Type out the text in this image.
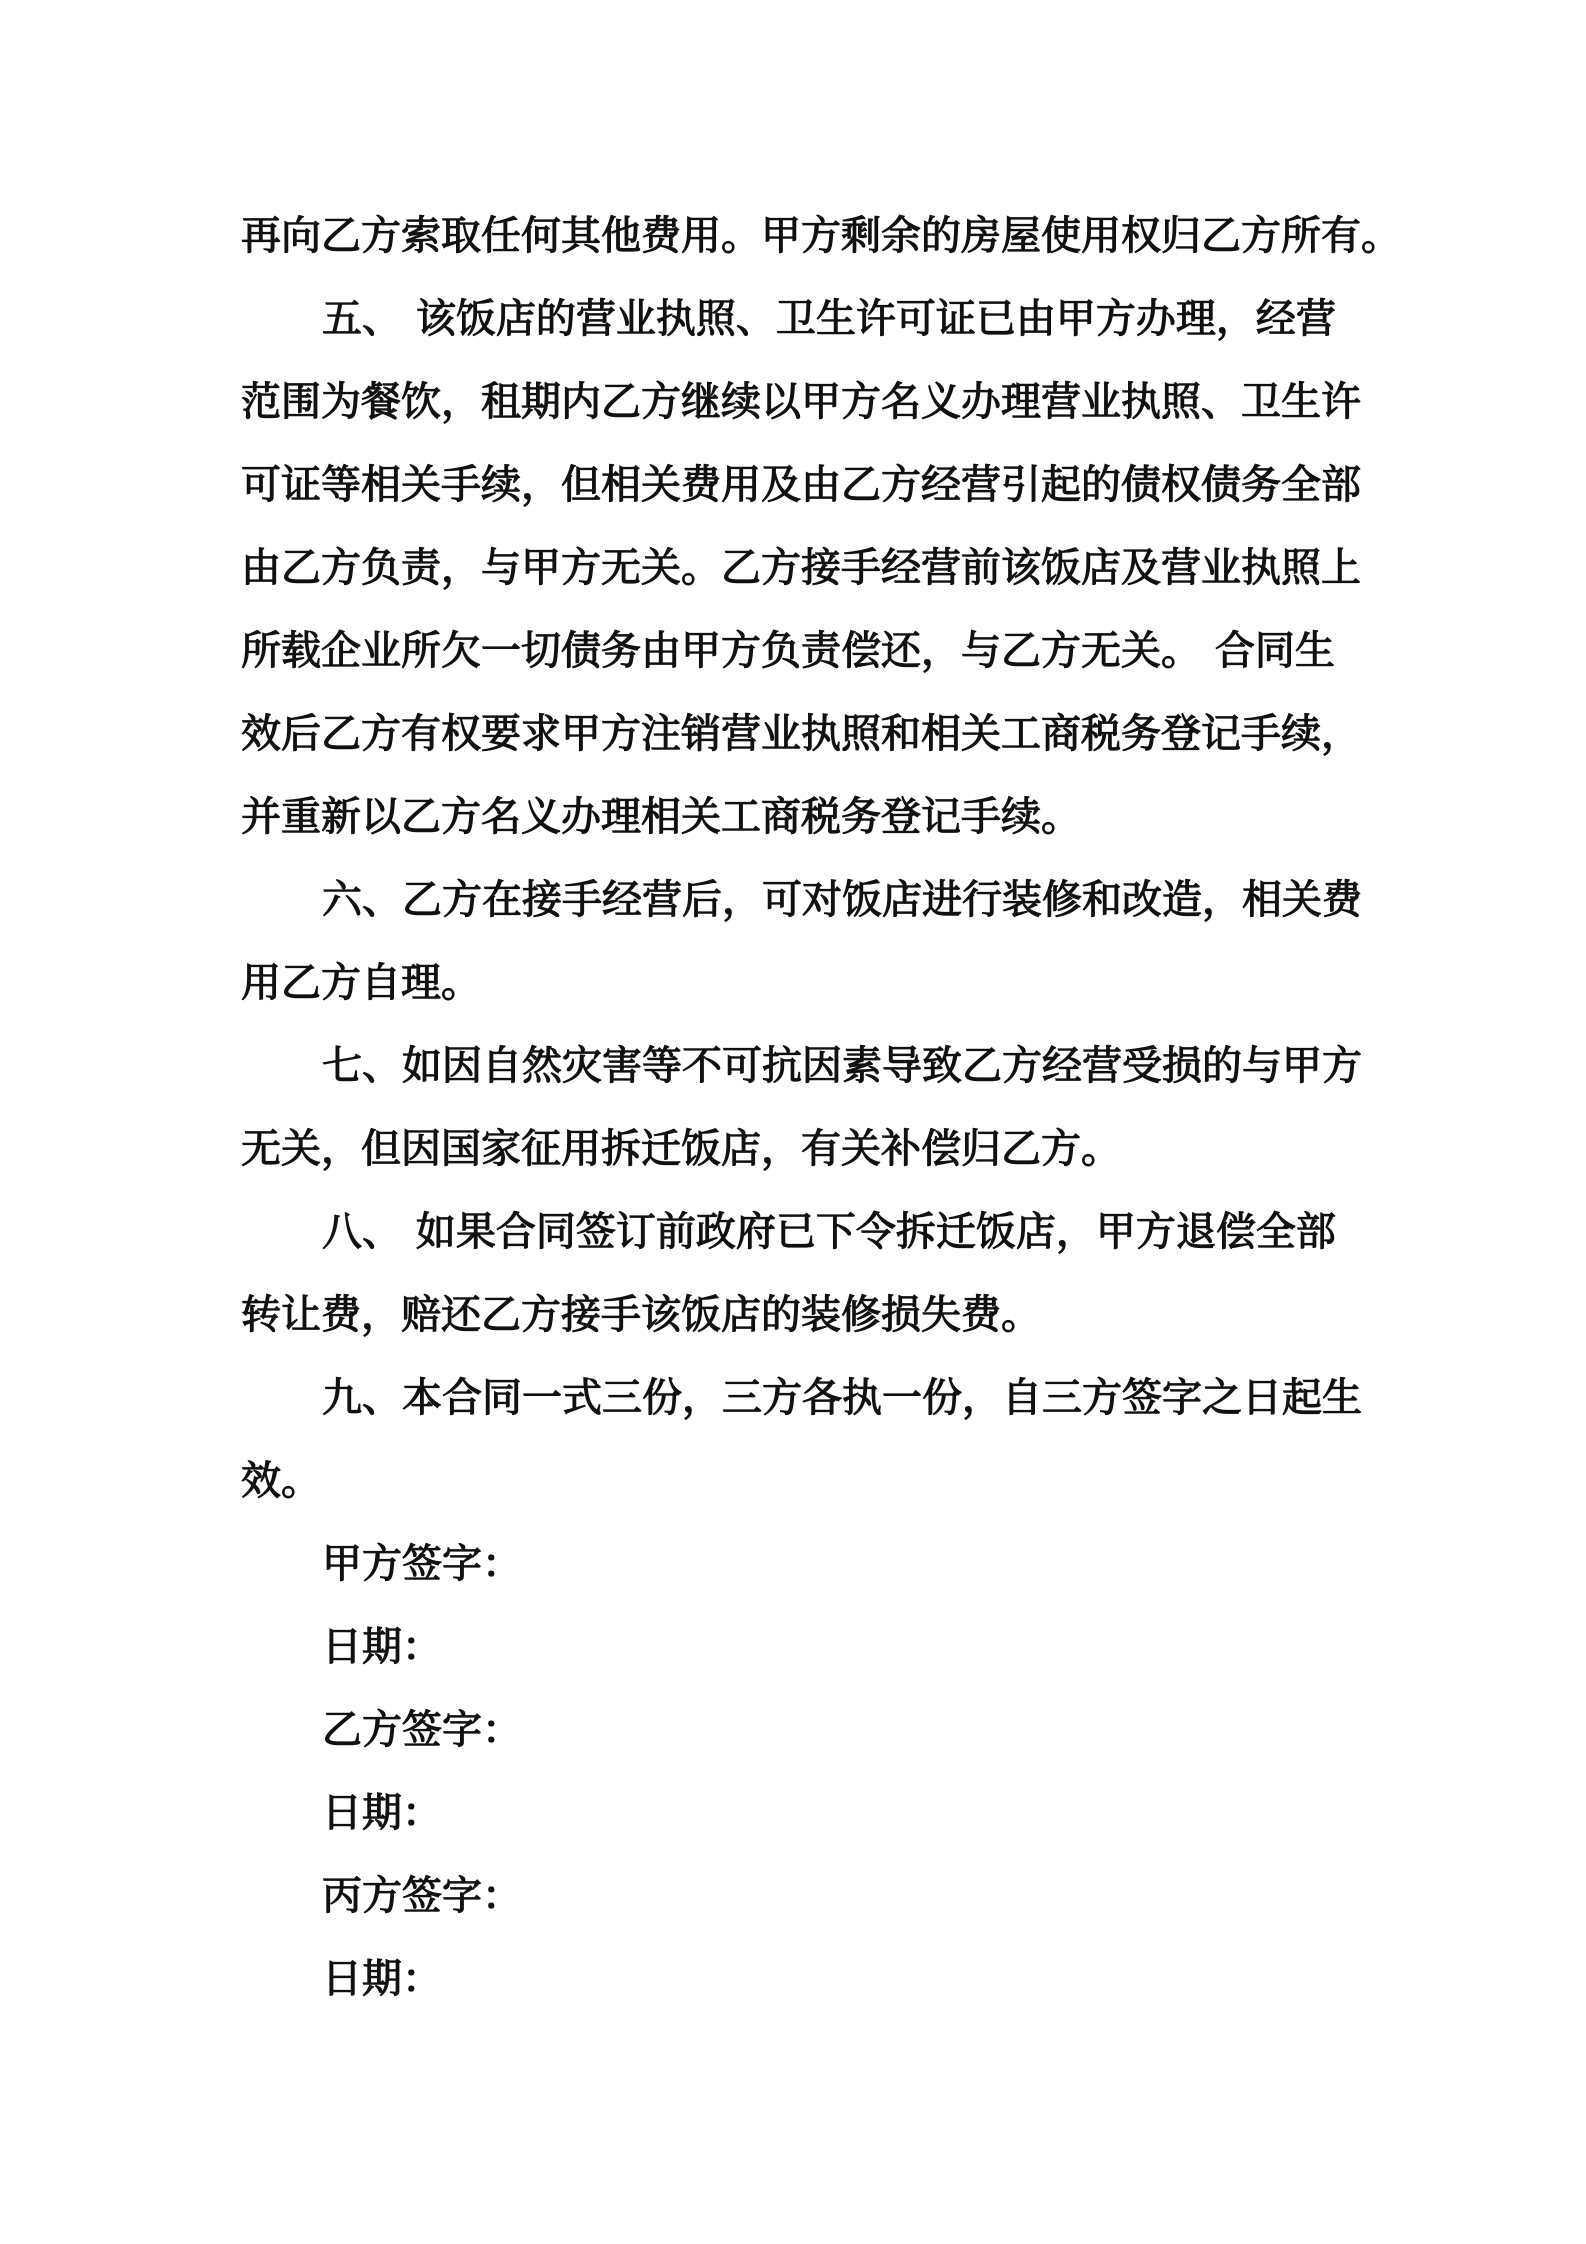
再向乙方索取任何其他费用。甲方剩余的房屋使用权归乙方所有。
五、 该饭店的营业执照、卫生许可证已由甲方办理，经营
范围为餐饮，租期内乙方继续以甲方名义办理营业执照、卫生许
可证等相关手续，但相关费用及由乙方经营引起的债权债务全部
由乙方负责，与甲方无关。乙方接手经营前该饭店及营业执照上
所载企业所欠一切债务由甲方负责偿还，与乙方无关。 合同生
效后乙方有权要求甲方注销营业执照和相关工商税务登记手续，
并重新以乙方名义办理相关工商税务登记手续。
六、乙方在接手经营后，可对饭店进行装修和改造，相关费
用乙方自理。
七、如因自然灾害等不可抗因素导致乙方经营受损的与甲方
无关，但因国家征用拆迁饭店，有关补偿归乙方。
八、 如果合同签订前政府已下令拆迁饭店，甲方退偿全部
转让费，赔还乙方接手该饭店的装修损失费。
九、本合同一式三份，三方各执一份，自三方签字之日起生
效。
甲方签字：
日期：
乙方签字：
日期：
丙方签字：
日期：
